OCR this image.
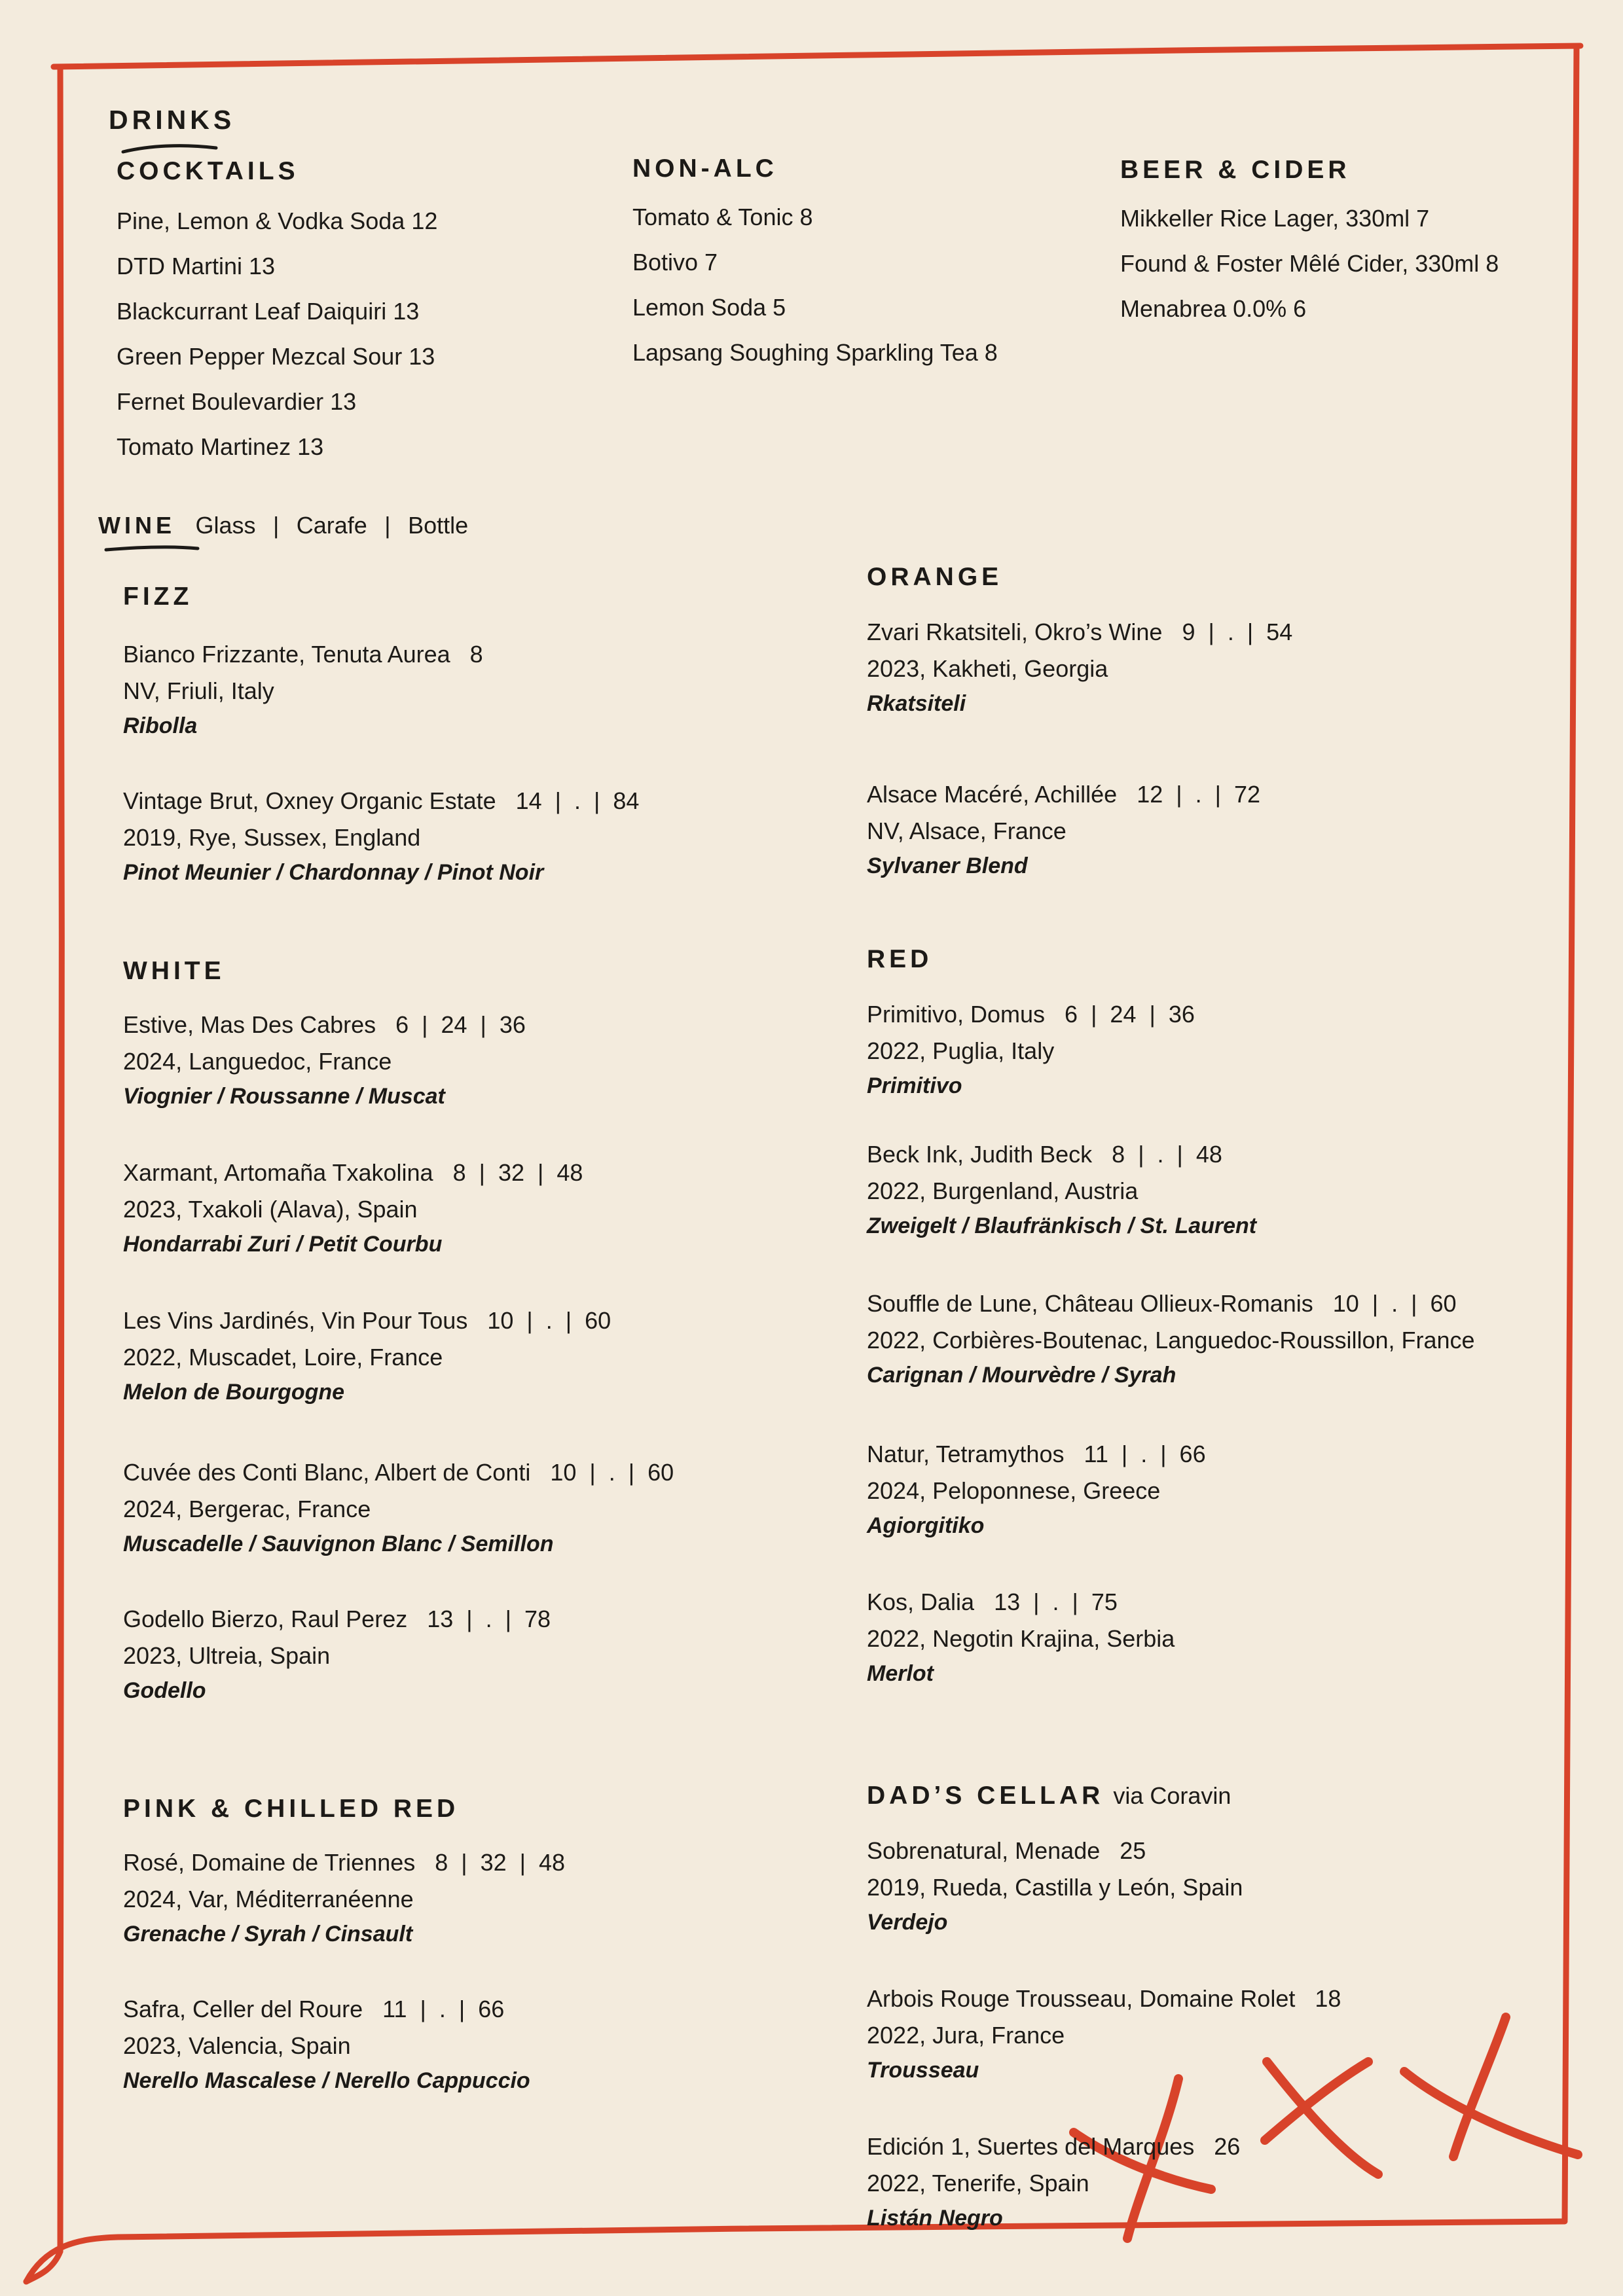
DRINKS
COCKTAILS
Pine, Lemon & Vodka Soda 12
DTD Martini 13
Blackcurrant Leaf Daiquiri 13
Green Pepper Mezcal Sour 13
Fernet Boulevardier 13
Tomato Martinez 13
NON-ALC
Tomato & Tonic 8
Botivo 7
Lemon Soda 5
Lapsang Soughing Sparkling Tea 8
BEER & CIDER
Mikkeller Rice Lager, 330ml 7
Found & Foster Mêlé Cider, 330ml 8
Menabrea 0.0% 6
WINE Glass | Carafe | Bottle
FIZZ
Bianco Frizzante, Tenuta Aurea 8
NV, Friuli, Italy
Ribolla
Vintage Brut, Oxney Organic Estate 14 | . | 84
2019, Rye, Sussex, England
Pinot Meunier / Chardonnay / Pinot Noir
WHITE
Estive, Mas Des Cabres 6 | 24 | 36
2024, Languedoc, France
Viognier / Roussanne / Muscat
Xarmant, Artomaña Txakolina 8 | 32 | 48
2023, Txakoli (Alava), Spain
Hondarrabi Zuri / Petit Courbu
Les Vins Jardinés, Vin Pour Tous 10 | . | 60
2022, Muscadet, Loire, France
Melon de Bourgogne
Cuvée des Conti Blanc, Albert de Conti 10 | . | 60
2024, Bergerac, France
Muscadelle / Sauvignon Blanc / Semillon
Godello Bierzo, Raul Perez 13 | . | 78
2023, Ultreia, Spain
Godello
PINK & CHILLED RED
Rosé, Domaine de Triennes 8 | 32 | 48
2024, Var, Méditerranéenne
Grenache / Syrah / Cinsault
Safra, Celler del Roure 11 | . | 66
2023, Valencia, Spain
Nerello Mascalese / Nerello Cappuccio
ORANGE
Zvari Rkatsiteli, Okro’s Wine 9 | . | 54
2023, Kakheti, Georgia
Rkatsiteli
Alsace Macéré, Achillée 12 | . | 72
NV, Alsace, France
Sylvaner Blend
RED
Primitivo, Domus 6 | 24 | 36
2022, Puglia, Italy
Primitivo
Beck Ink, Judith Beck 8 | . | 48
2022, Burgenland, Austria
Zweigelt / Blaufränkisch / St. Laurent
Souffle de Lune, Château Ollieux-Romanis 10 | . | 60
2022, Corbières-Boutenac, Languedoc-Roussillon, France
Carignan / Mourvèdre / Syrah
Natur, Tetramythos 11 | . | 66
2024, Peloponnese, Greece
Agiorgitiko
Kos, Dalia 13 | . | 75
2022, Negotin Krajina, Serbia
Merlot
DAD’S CELLAR via Coravin
Sobrenatural, Menade 25
2019, Rueda, Castilla y León, Spain
Verdejo
Arbois Rouge Trousseau, Domaine Rolet 18
2022, Jura, France
Trousseau
Edición 1, Suertes del Marques 26
2022, Tenerife, Spain
Listán Negro
